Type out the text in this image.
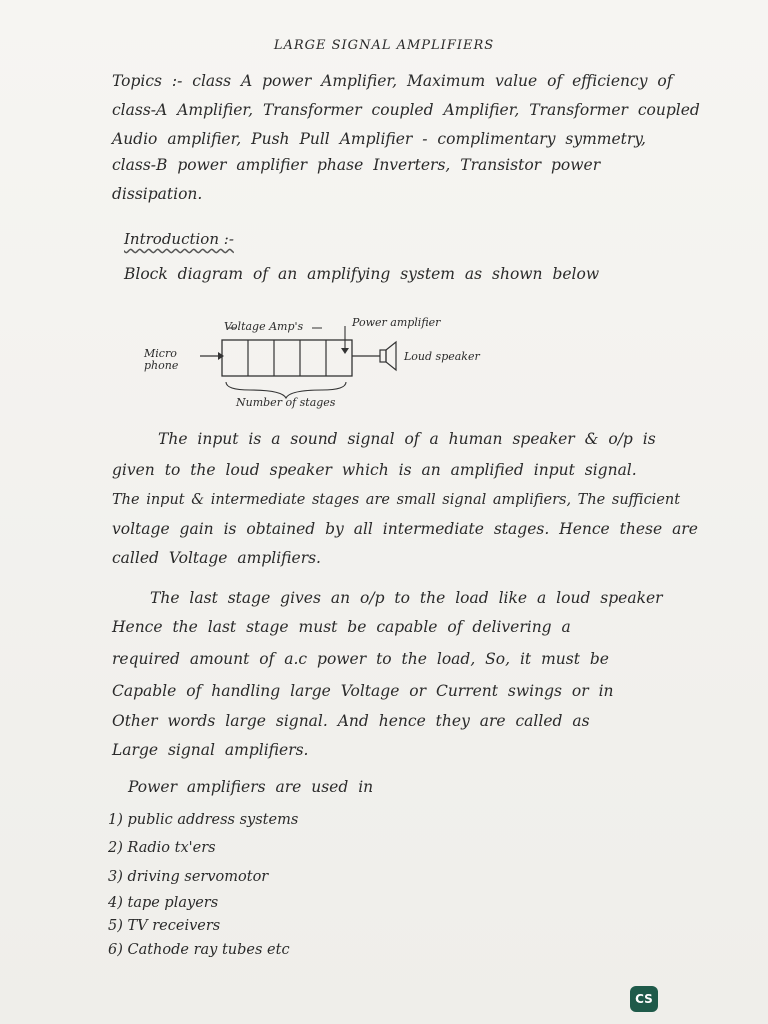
LARGE SIGNAL AMPLIFIERS
Topics :- class A power Amplifier, Maximum value of efficiency of
class-A Amplifier, Transformer coupled Amplifier, Transformer coupled
Audio amplifier, Push Pull Amplifier - complimentary symmetry,
class-B power amplifier phase Inverters, Transistor power
dissipation.
Introduction :-
Block diagram of an amplifying system as shown below
Voltage Amp's	Power amplifier
Micro phone
Loud speaker
Number of stages
The input is a sound signal of a human speaker & o/p is
given to the loud speaker which is an amplified input signal.
The input & intermediate stages are small signal amplifiers, The sufficient
voltage gain is obtained by all intermediate stages. Hence these are
called Voltage amplifiers.
The last stage gives an o/p to the load like a loud speaker
Hence the last stage must be capable of delivering a
required amount of a.c power to the load, So, it must be
Capable of handling large Voltage or Current swings or in
Other words large signal. And hence they are called as
Large signal amplifiers.
Power amplifiers are used in
1) public address systems
2) Radio tx'ers
3) driving servomotor
4) tape players
5) TV receivers
6) Cathode ray tubes etc
CS
